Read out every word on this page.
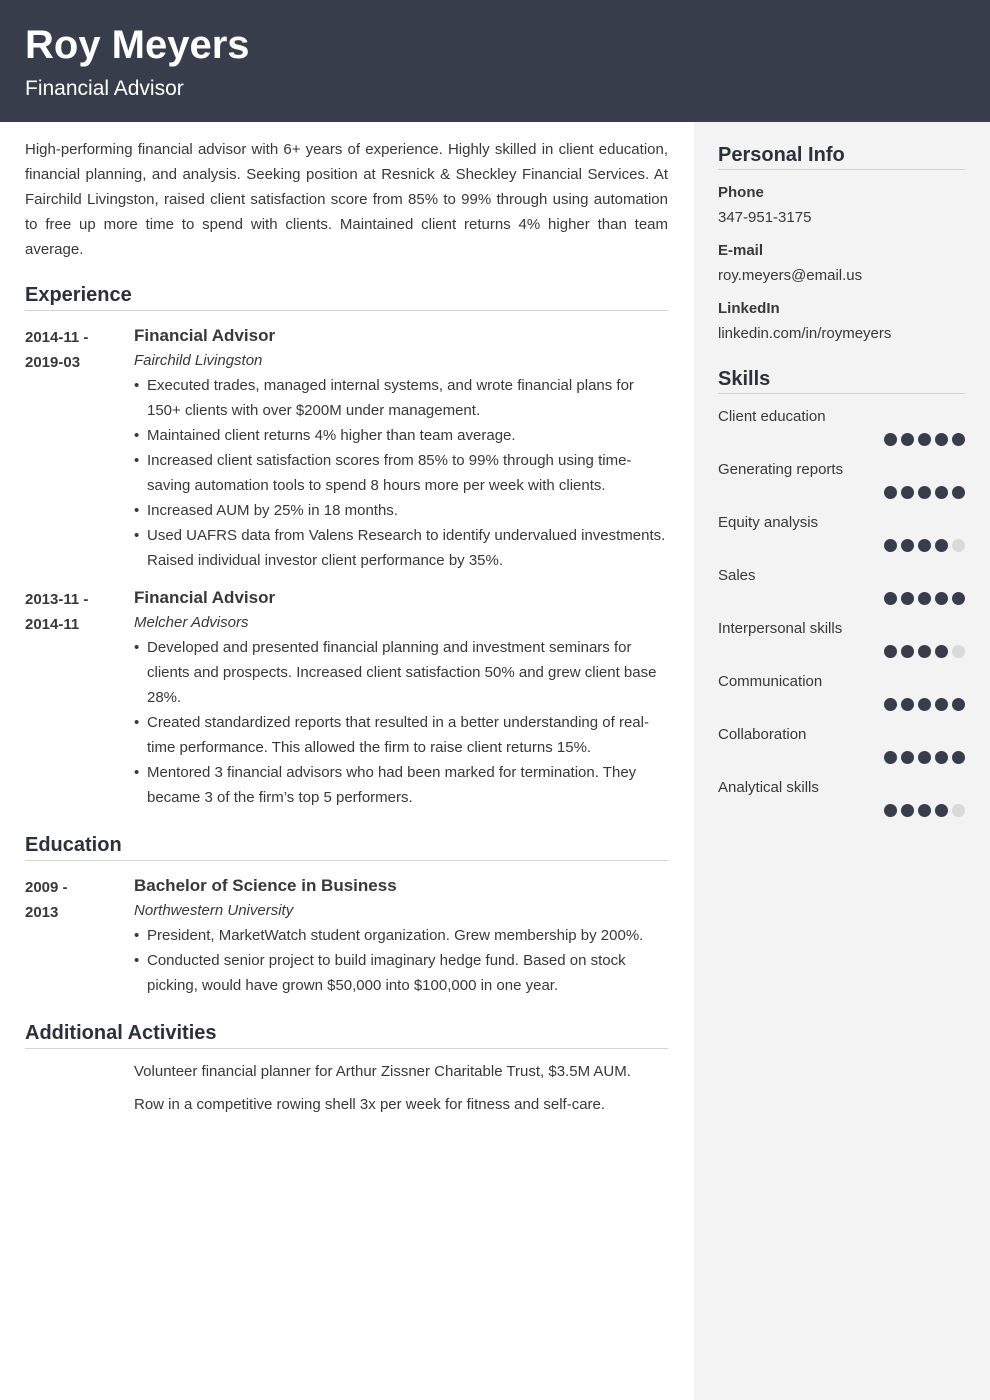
Roy Meyers
Financial Advisor

High-performing financial advisor with 6+ years of experience. Highly skilled in client education, financial planning, and analysis. Seeking position at Resnick & Sheckley Financial Services. At Fairchild Livingston, raised client satisfaction score from 85% to 99% through using automation to free up more time to spend with clients. Maintained client returns 4% higher than team average.

Experience
2014-11 -
2019-03
Financial Advisor
Fairchild Livingston
• Executed trades, managed internal systems, and wrote financial plans for 150+ clients with over $200M under management.
• Maintained client returns 4% higher than team average.
• Increased client satisfaction scores from 85% to 99% through using time-saving automation tools to spend 8 hours more per week with clients.
• Increased AUM by 25% in 18 months.
• Used UAFRS data from Valens Research to identify undervalued investments. Raised individual investor client performance by 35%.
2013-11 -
2014-11
Financial Advisor
Melcher Advisors
• Developed and presented financial planning and investment seminars for clients and prospects. Increased client satisfaction 50% and grew client base 28%.
• Created standardized reports that resulted in a better understanding of real-time performance. This allowed the firm to raise client returns 15%.
• Mentored 3 financial advisors who had been marked for termination. They became 3 of the firm’s top 5 performers.
Education
2009 -
2013
Bachelor of Science in Business
Northwestern University
• President, MarketWatch student organization. Grew membership by 200%.
• Conducted senior project to build imaginary hedge fund. Based on stock picking, would have grown $50,000 into $100,000 in one year.
Additional Activities

Volunteer financial planner for Arthur Zissner Charitable Trust, $3.5M AUM.

Row in a competitive rowing shell 3x per week for fitness and self-care.

Personal Info
Phone
347-951-3175
E-mail
roy.meyers@email.us
LinkedIn
linkedin.com/in/roymeyers
Skills
Client education
Generating reports
Equity analysis
Sales
Interpersonal skills
Communication
Collaboration
Analytical skills
